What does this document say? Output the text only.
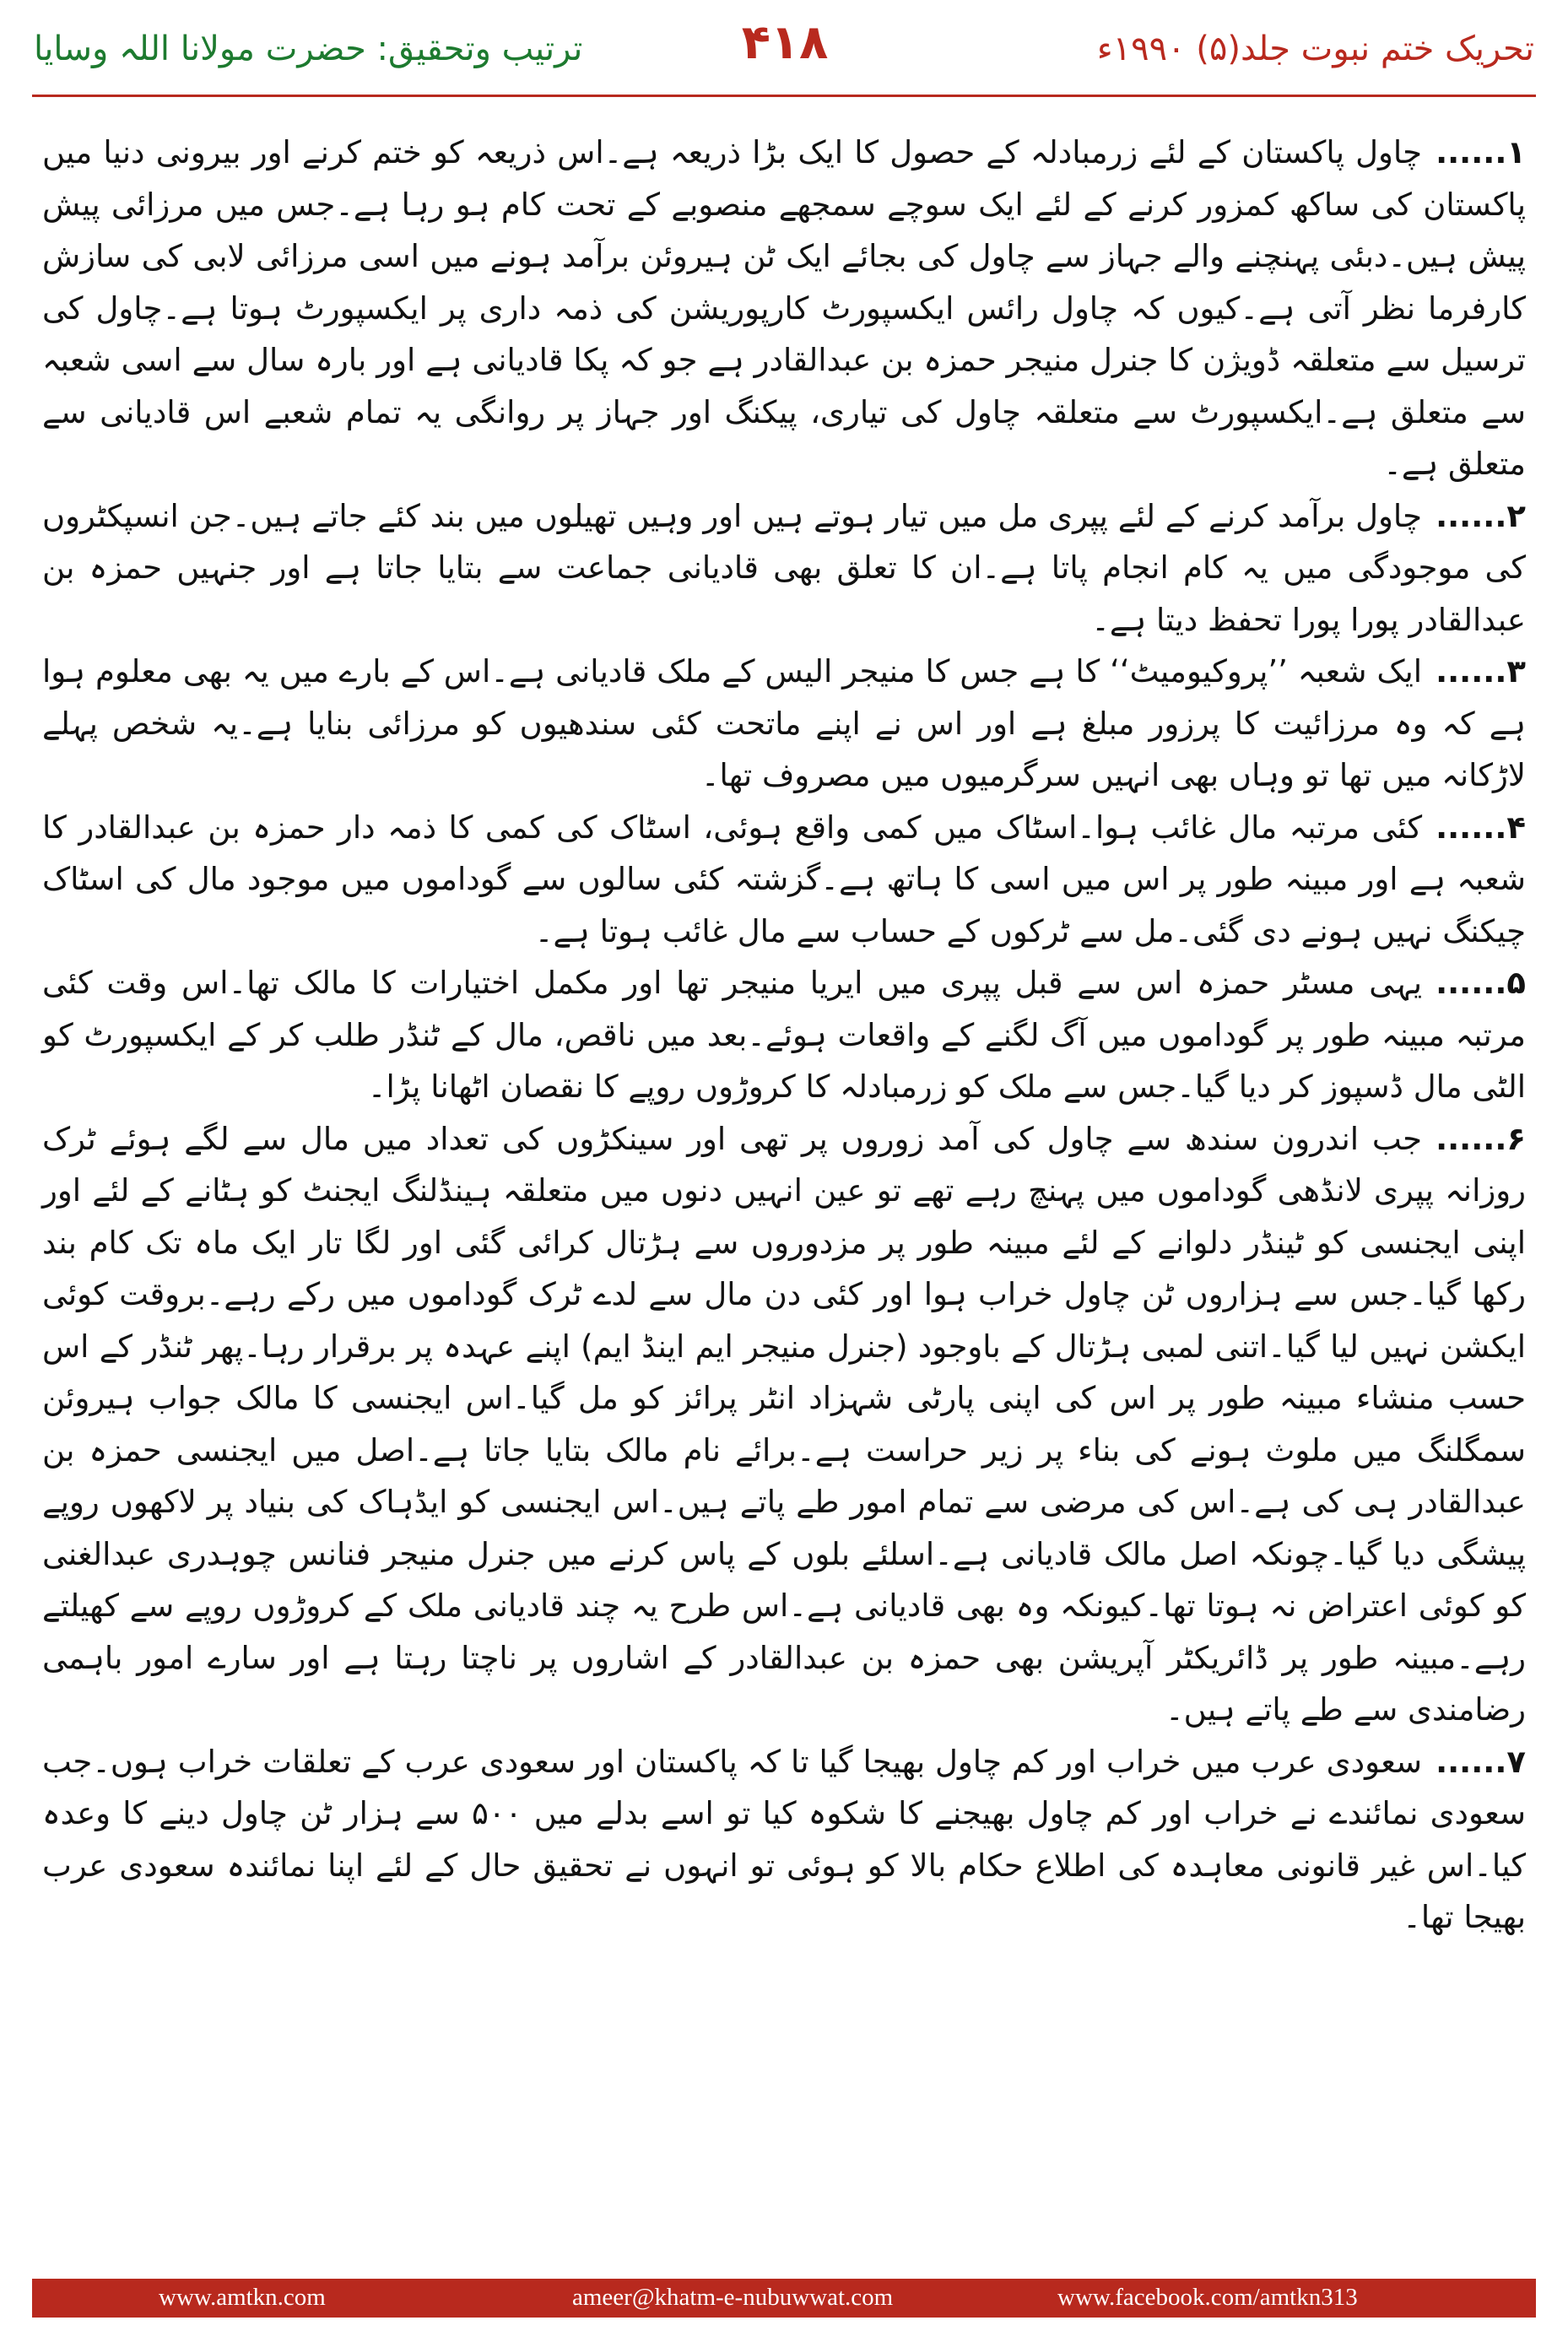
ترتیب وتحقیق: حضرت مولانا اللہ وسایا	۴۱۸	تحریک ختم نبوت جلد(۵) ۱۹۹۰ء

۱......چاول پاکستان کے لئے زرمبادلہ کے حصول کا ایک بڑا ذریعہ ہے۔اس ذریعہ کو ختم کرنے اور بیرونی دنیا میں پاکستان کی ساکھ کمزور کرنے کے لئے ایک سوچے سمجھے منصوبے کے تحت کام ہو رہا ہے۔جس میں مرزائی پیش پیش ہیں۔دبئی پہنچنے والے جہاز سے چاول کی بجائے ایک ٹن ہیروئن برآمد ہونے میں اسی مرزائی لابی کی سازش کارفرما نظر آتی ہے۔کیوں کہ چاول رائس ایکسپورٹ کارپوریشن کی ذمہ داری پر ایکسپورٹ ہوتا ہے۔چاول کی ترسیل سے متعلقہ ڈویژن کا جنرل منیجر حمزہ بن عبدالقادر ہے جو کہ پکا قادیانی ہے اور بارہ سال سے اسی شعبہ سے متعلق ہے۔ایکسپورٹ سے متعلقہ چاول کی تیاری، پیکنگ اور جہاز پر روانگی یہ تمام شعبے اس قادیانی سے متعلق ہے۔

۲......چاول برآمد کرنے کے لئے پپری مل میں تیار ہوتے ہیں اور وہیں تھیلوں میں بند کئے جاتے ہیں۔جن انسپکٹروں کی موجودگی میں یہ کام انجام پاتا ہے۔ان کا تعلق بھی قادیانی جماعت سے بتایا جاتا ہے اور جنہیں حمزہ بن عبدالقادر پورا پورا تحفظ دیتا ہے۔

۳......ایک شعبہ ’’پروکیومیٹ‘‘ کا ہے جس کا منیجر الیس کے ملک قادیانی ہے۔اس کے بارے میں یہ بھی معلوم ہوا ہے کہ وہ مرزائیت کا پرزور مبلغ ہے اور اس نے اپنے ماتحت کئی سندھیوں کو مرزائی بنایا ہے۔یہ شخص پہلے لاڑکانہ میں تھا تو وہاں بھی انہیں سرگرمیوں میں مصروف تھا۔

۴......کئی مرتبہ مال غائب ہوا۔اسٹاک میں کمی واقع ہوئی، اسٹاک کی کمی کا ذمہ دار حمزہ بن عبدالقادر کا شعبہ ہے اور مبینہ طور پر اس میں اسی کا ہاتھ ہے۔گزشتہ کئی سالوں سے گوداموں میں موجود مال کی اسٹاک چیکنگ نہیں ہونے دی گئی۔مل سے ٹرکوں کے حساب سے مال غائب ہوتا ہے۔

۵......یہی مسٹر حمزہ اس سے قبل پپری میں ایریا منیجر تھا اور مکمل اختیارات کا مالک تھا۔اس وقت کئی مرتبہ مبینہ طور پر گوداموں میں آگ لگنے کے واقعات ہوئے۔بعد میں ناقص، مال کے ٹنڈر طلب کر کے ایکسپورٹ کو الٹی مال ڈسپوز کر دیا گیا۔جس سے ملک کو زرمبادلہ کا کروڑوں روپے کا نقصان اٹھانا پڑا۔

۶......جب اندرون سندھ سے چاول کی آمد زوروں پر تھی اور سینکڑوں کی تعداد میں مال سے لگے ہوئے ٹرک روزانہ پپری لانڈھی گوداموں میں پہنچ رہے تھے تو عین انہیں دنوں میں متعلقہ ہینڈلنگ ایجنٹ کو ہٹانے کے لئے اور اپنی ایجنسی کو ٹینڈر دلوانے کے لئے مبینہ طور پر مزدوروں سے ہڑتال کرائی گئی اور لگا تار ایک ماہ تک کام بند رکھا گیا۔جس سے ہزاروں ٹن چاول خراب ہوا اور کئی دن مال سے لدے ٹرک گوداموں میں رکے رہے۔بروقت کوئی ایکشن نہیں لیا گیا۔اتنی لمبی ہڑتال کے باوجود (جنرل منیجر ایم اینڈ ایم) اپنے عہدہ پر برقرار رہا۔پھر ٹنڈر کے اس حسب منشاء مبینہ طور پر اس کی اپنی پارٹی شہزاد انٹر پرائز کو مل گیا۔اس ایجنسی کا مالک جواب ہیروئن سمگلنگ میں ملوث ہونے کی بناء پر زیر حراست ہے۔برائے نام مالک بتایا جاتا ہے۔اصل میں ایجنسی حمزہ بن عبدالقادر ہی کی ہے۔اس کی مرضی سے تمام امور طے پاتے ہیں۔اس ایجنسی کو ایڈہاک کی بنیاد پر لاکھوں روپے پیشگی دیا گیا۔چونکہ اصل مالک قادیانی ہے۔اسلئے بلوں کے پاس کرنے میں جنرل منیجر فنانس چوہدری عبدالغنی کو کوئی اعتراض نہ ہوتا تھا۔کیونکہ وہ بھی قادیانی ہے۔اس طرح یہ چند قادیانی ملک کے کروڑوں روپے سے کھیلتے رہے۔مبینہ طور پر ڈائریکٹر آپریشن بھی حمزہ بن عبدالقادر کے اشاروں پر ناچتا رہتا ہے اور سارے امور باہمی رضامندی سے طے پاتے ہیں۔

۷......سعودی عرب میں خراب اور کم چاول بھیجا گیا تا کہ پاکستان اور سعودی عرب کے تعلقات خراب ہوں۔جب سعودی نمائندے نے خراب اور کم چاول بھیجنے کا شکوہ کیا تو اسے بدلے میں ۵۰۰ سے ہزار ٹن چاول دینے کا وعدہ کیا۔اس غیر قانونی معاہدہ کی اطلاع حکام بالا کو ہوئی تو انہوں نے تحقیق حال کے لئے اپنا نمائندہ سعودی عرب بھیجا تھا۔

www.amtkn.com	ameer@khatm-e-nubuwwat.com	www.facebook.com/amtkn313
